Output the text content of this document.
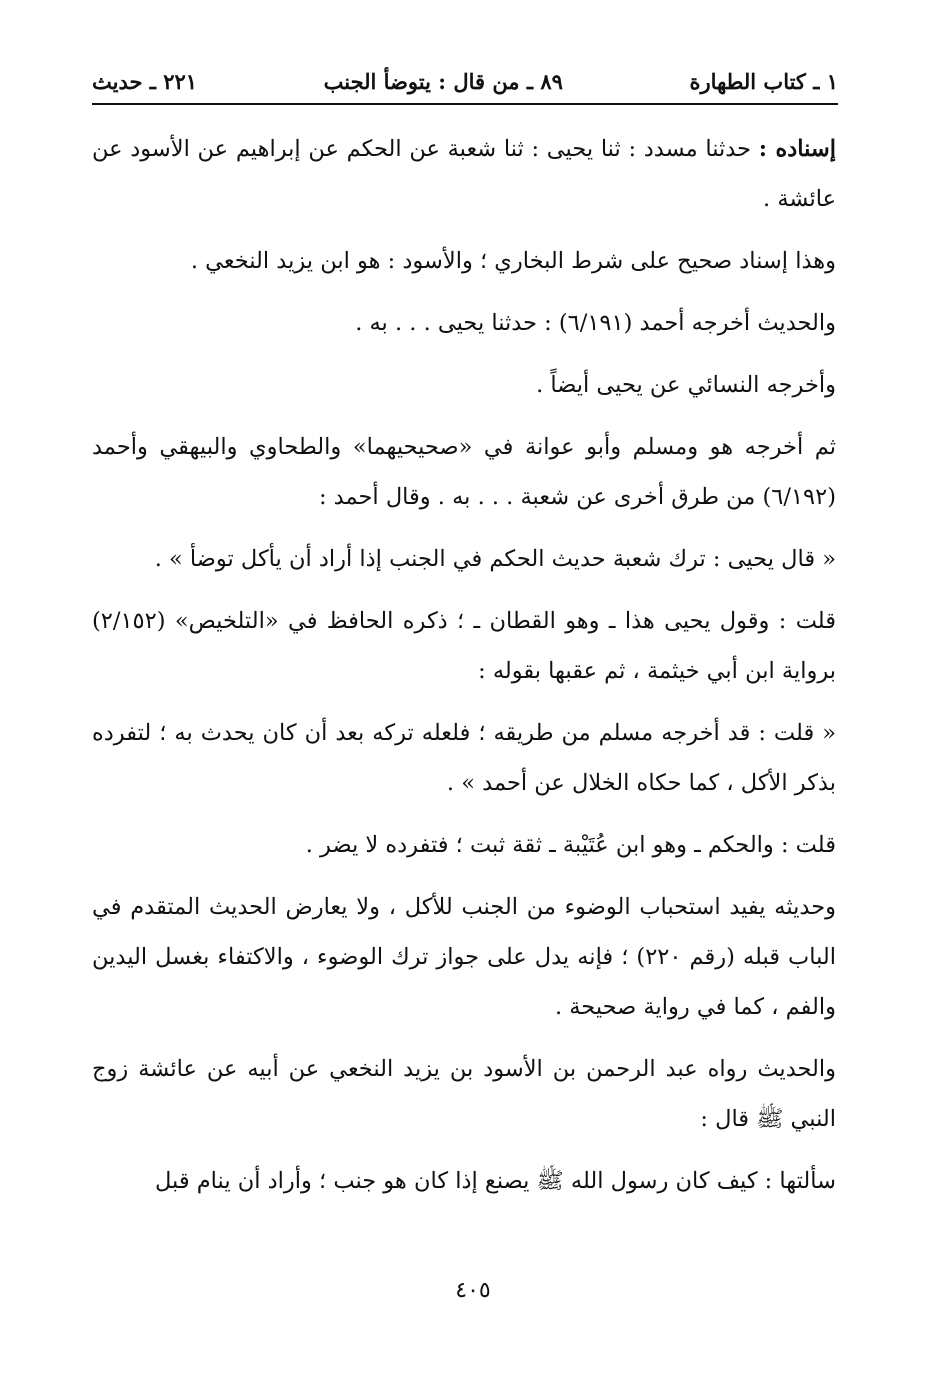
١ ـ كتاب الطهارة
٨٩ ـ من قال : يتوضأ الجنب
٢٢١ ـ حديث

إسناده : حدثنا مسدد : ثنا يحيى : ثنا شعبة عن الحكم عن إبراهيم عن الأسود عن عائشة .

وهذا إسناد صحيح على شرط البخاري ؛ والأسود : هو ابن يزيد النخعي .

والحديث أخرجه أحمد (٦/١٩١) : حدثنا يحيى . . . به .

وأخرجه النسائي عن يحيى أيضاً .

ثم أخرجه هو ومسلم وأبو عوانة في «صحيحيهما» والطحاوي والبيهقي وأحمد (٦/١٩٢) من طرق أخرى عن شعبة . . . به . وقال أحمد :

« قال يحيى : ترك شعبة حديث الحكم في الجنب إذا أراد أن يأكل توضأ » .

قلت : وقول يحيى هذا ـ وهو القطان ـ ؛ ذكره الحافظ في «التلخيص» (٢/١٥٢) برواية ابن أبي خيثمة ، ثم عقبها بقوله :

« قلت : قد أخرجه مسلم من طريقه ؛ فلعله تركه بعد أن كان يحدث به ؛ لتفرده بذكر الأكل ، كما حكاه الخلال عن أحمد » .

قلت : والحكم ـ وهو ابن عُتَيْبة ـ ثقة ثبت ؛ فتفرده لا يضر .

وحديثه يفيد استحباب الوضوء من الجنب للأكل ، ولا يعارض الحديث المتقدم في الباب قبله (رقم ٢٢٠) ؛ فإنه يدل على جواز ترك الوضوء ، والاكتفاء بغسل اليدين والفم ، كما في رواية صحيحة .

والحديث رواه عبد الرحمن بن الأسود بن يزيد النخعي عن أبيه عن عائشة زوج النبي ﷺ قال :

سألتها : كيف كان رسول الله ﷺ يصنع إذا كان هو جنب ؛ وأراد أن ينام قبل

٤٠٥
